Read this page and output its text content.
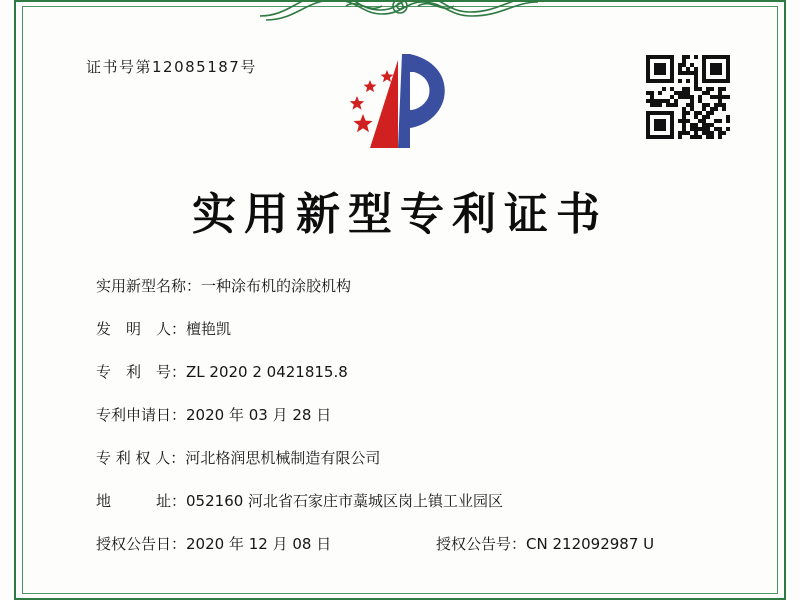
证书号第12085187号
实用新型专利证书
实用新型名称： 一种涂布机的涂胶机构
发　明　人： 檀艳凯
专　利　号： ZL 2020 2 0421815.8
专利申请日： 2020 年 03 月 28 日
专 利 权 人： 河北格润思机械制造有限公司
地　　　址： 052160 河北省石家庄市藁城区岗上镇工业园区
授权公告日： 2020 年 12 月 08 日	授权公告号： CN 212092987 U
